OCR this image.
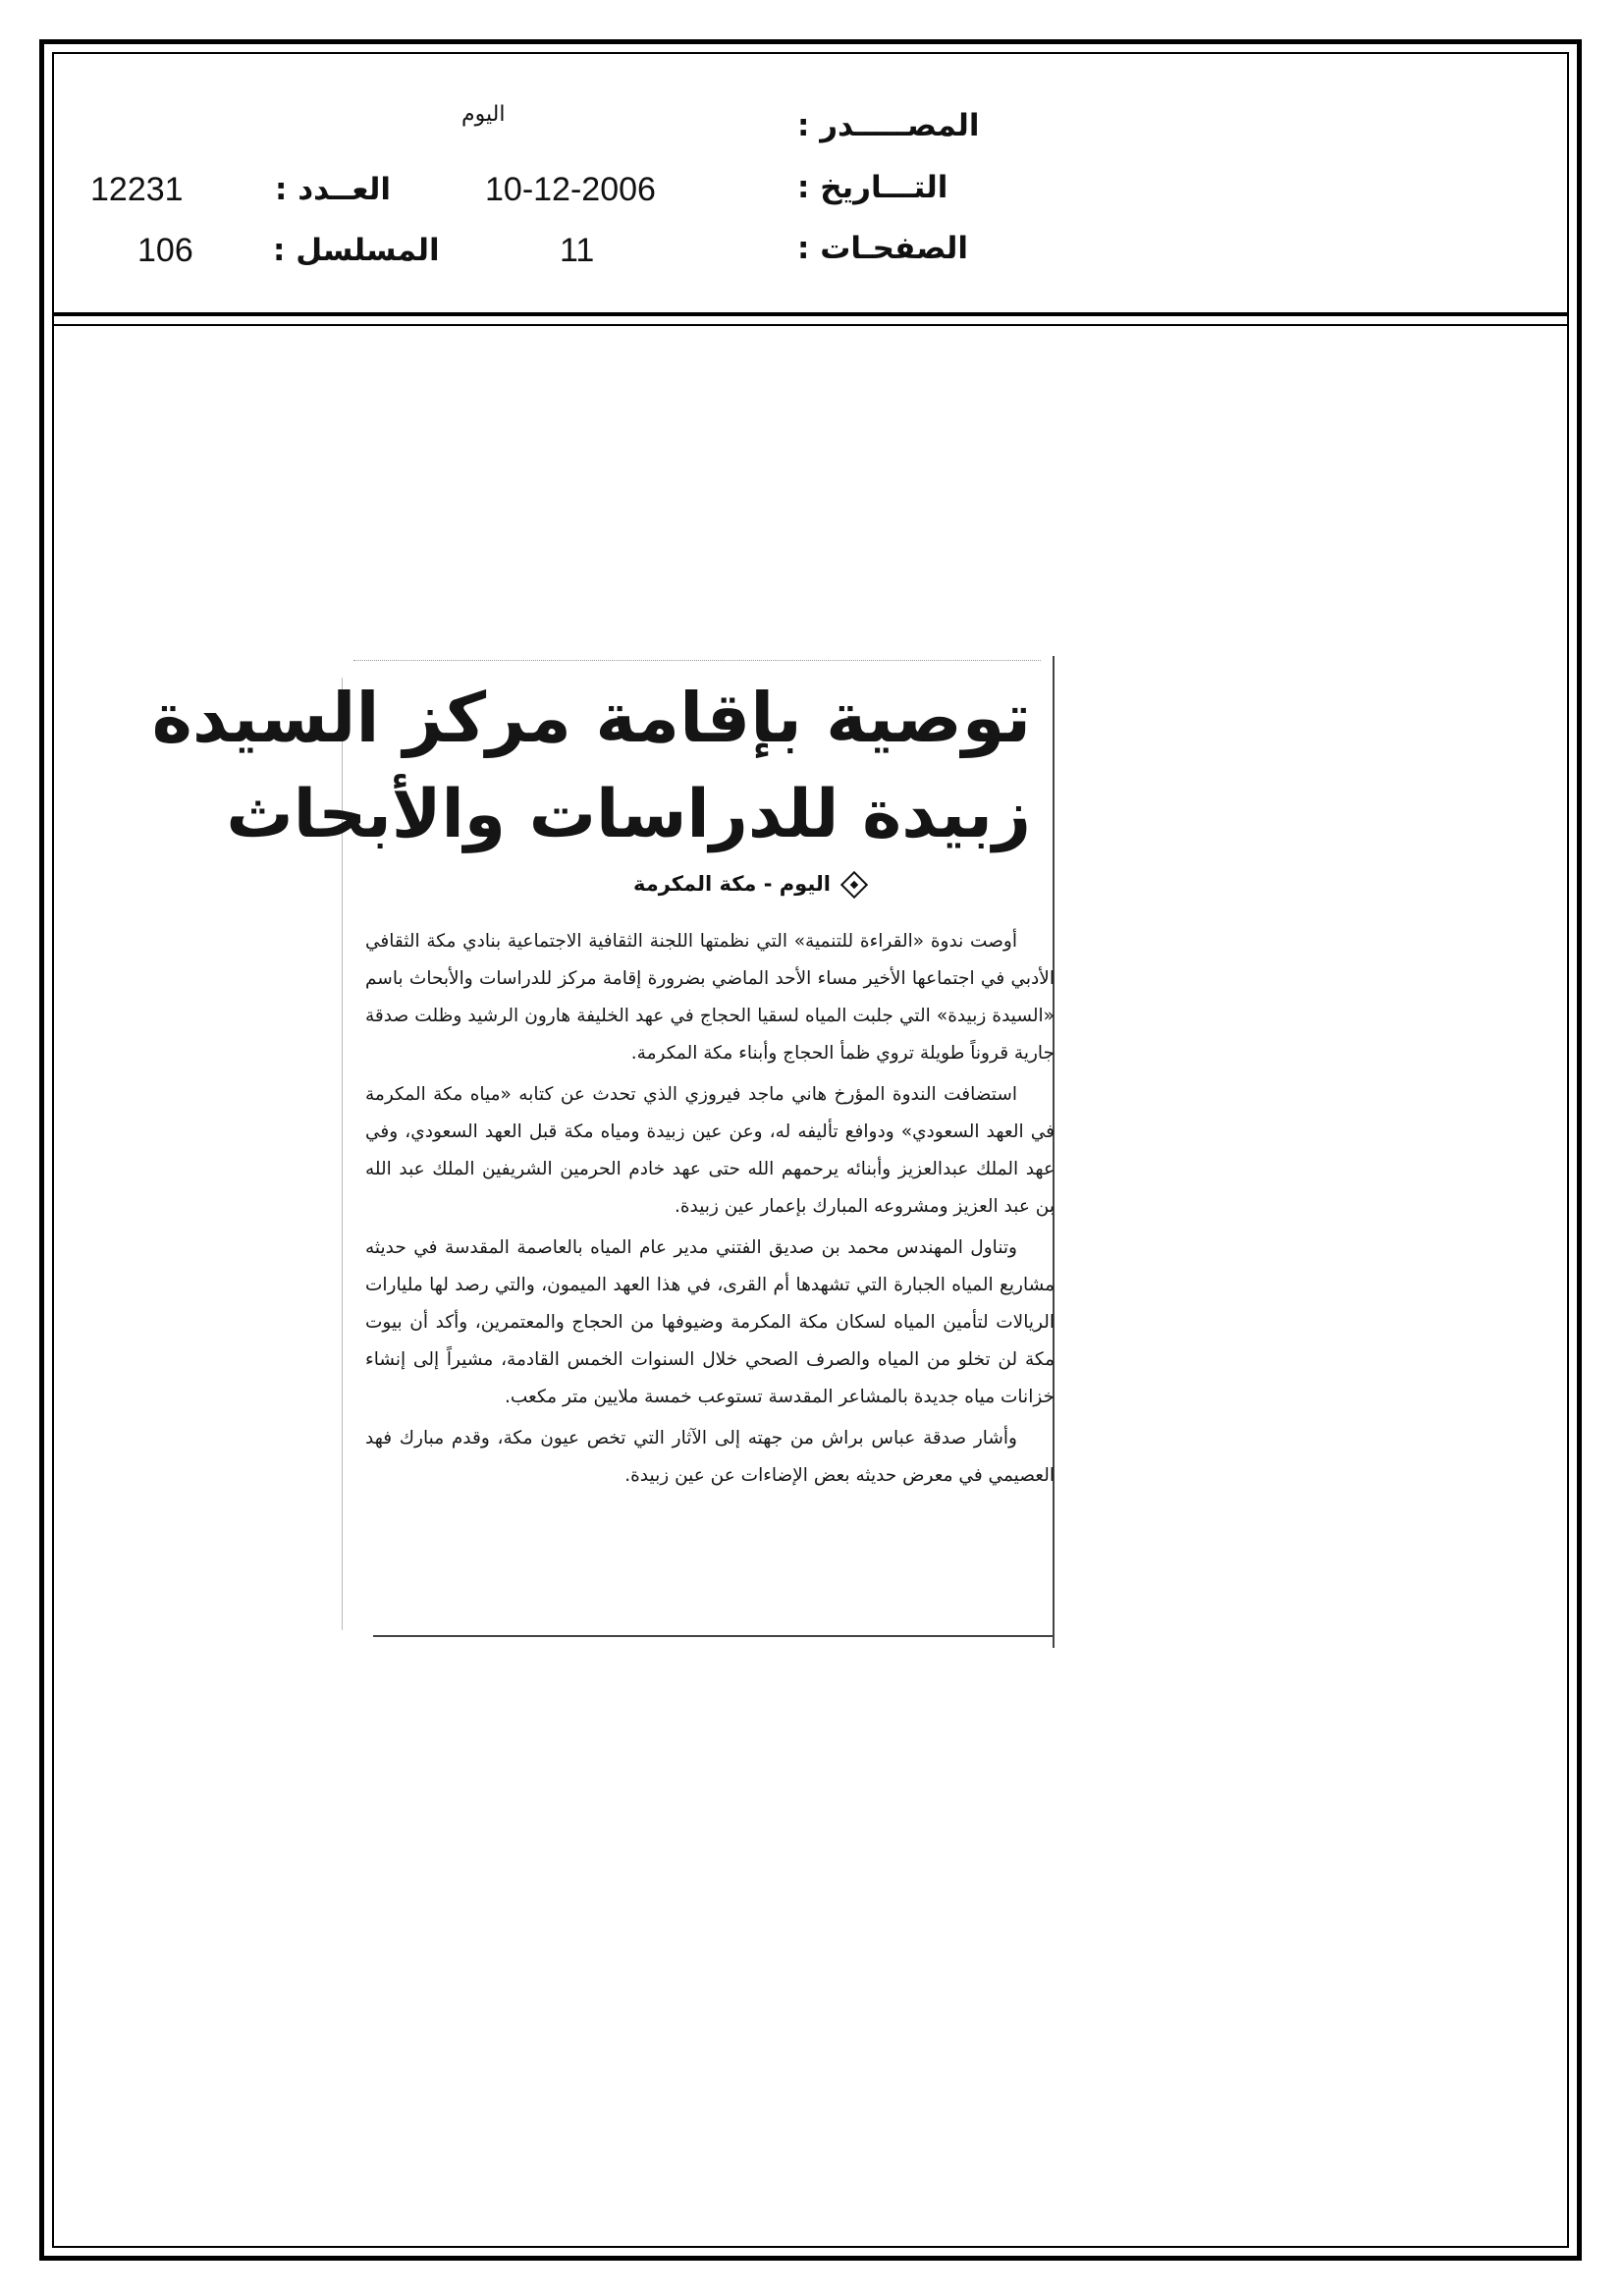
المصـــــدر :
اليوم
التـــاريخ :
10-12-2006
العــدد :
12231
الصفحـات :
11
المسلسل :
106
توصية بإقامة مركز السيدة
زبيدة للدراسات والأبحاث
اليوم - مكة المكرمة

أوصت ندوة «القراءة للتنمية» التي نظمتها اللجنة الثقافية الاجتماعية بنادي مكة الثقافي الأدبي في اجتماعها الأخير مساء الأحد الماضي بضرورة إقامة مركز للدراسات والأبحاث باسم «السيدة زبيدة» التي جلبت المياه لسقيا الحجاج في عهد الخليفة هارون الرشيد وظلت صدقة جارية قروناً طويلة تروي ظمأ الحجاج وأبناء مكة المكرمة.

استضافت الندوة المؤرخ هاني ماجد فيروزي الذي تحدث عن كتابه «مياه مكة المكرمة في العهد السعودي» ودوافع تأليفه له، وعن عين زبيدة ومياه مكة قبل العهد السعودي، وفي عهد الملك عبدالعزيز وأبنائه يرحمهم الله حتى عهد خادم الحرمين الشريفين الملك عبد الله بن عبد العزيز ومشروعه المبارك بإعمار عين زبيدة.

وتناول المهندس محمد بن صديق الفتني مدير عام المياه بالعاصمة المقدسة في حديثه مشاريع المياه الجبارة التي تشهدها أم القرى، في هذا العهد الميمون، والتي رصد لها مليارات الريالات لتأمين المياه لسكان مكة المكرمة وضيوفها من الحجاج والمعتمرين، وأكد أن بيوت مكة لن تخلو من المياه والصرف الصحي خلال السنوات الخمس القادمة، مشيراً إلى إنشاء خزانات مياه جديدة بالمشاعر المقدسة تستوعب خمسة ملايين متر مكعب.

وأشار صدقة عباس براش من جهته إلى الآثار التي تخص عيون مكة، وقدم مبارك فهد العصيمي في معرض حديثه بعض الإضاءات عن عين زبيدة.
